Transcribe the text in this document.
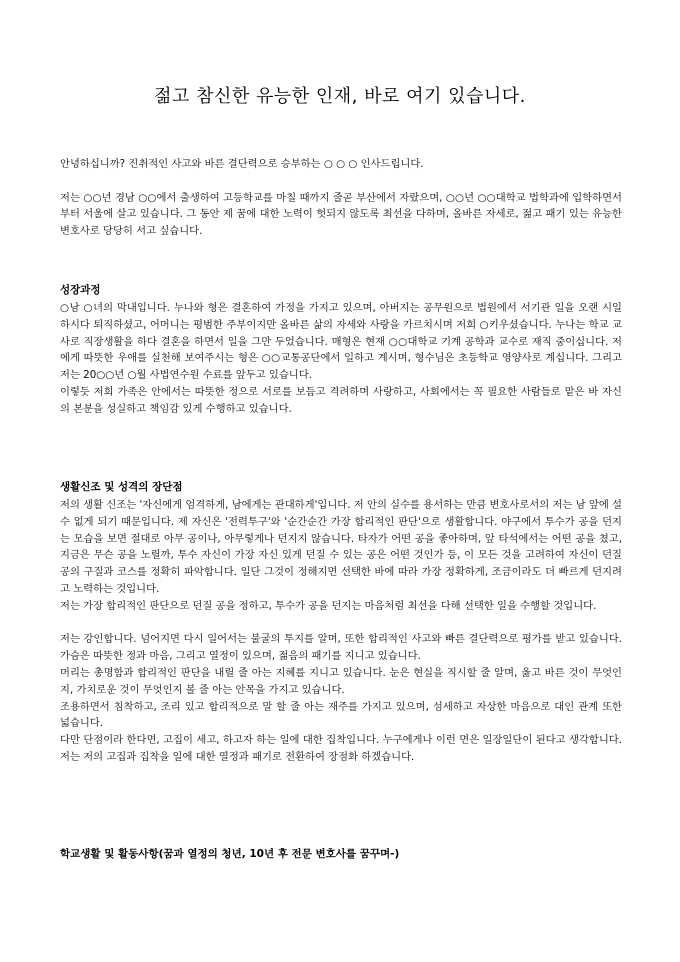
젊고 참신한 유능한 인재, 바로 여기 있습니다.

안녕하십니까? 진취적인 사고와 바른 결단력으로 승부하는 ○ ○ ○ 인사드립니다.

저는 ○○년 경남 ○○에서 출생하여 고등학교를 마칠 때까지 줄곧 부산에서 자랐으며, ○○년 ○○대학교 법학과에 입학하면서부터 서울에 살고 있습니다. 그 동안 제 꿈에 대한 노력이 헛되지 않도록 최선을 다하며, 올바른 자세로, 젊고 패기 있는 유능한 변호사로 당당히 서고 싶습니다.

성장과정

○남 ○녀의 막내입니다. 누나와 형은 결혼하여 가정을 가지고 있으며, 아버지는 공무원으로 법원에서 서기관 일을 오랜 시일 하시다 퇴직하셨고, 어머니는 평범한 주부이지만 올바른 삶의 자세와 사랑을 가르치시며 저희 ○키우셨습니다. 누나는 학교 교사로 직장생활을 하다 결혼을 하면서 일을 그만 두었습니다. 매형은 현재 ○○대학교 기계 공학과 교수로 재직 중이십니다. 저에게 따뜻한 우애를 실천해 보여주시는 형은 ○○교통공단에서 일하고 계시며, 형수님은 초등학교 영양사로 계십니다. 그리고 저는 20○○년 ○월 사법연수원 수료를 앞두고 있습니다.

이렇듯 저희 가족은 안에서는 따뜻한 정으로 서로를 보듬고 격려하며 사랑하고, 사회에서는 꼭 필요한 사람들로 맡은 바 자신의 본분을 성실하고 책임감 있게 수행하고 있습니다.

생활신조 및 성격의 장단점

저의 생활 신조는 '자신에게 엄격하게, 남에게는 관대하게'입니다. 저 안의 실수를 용서하는 만큼 변호사로서의 저는 남 앞에 설 수 없게 되기 때문입니다. 제 자신은 '전력투구'와 '순간순간 가장 합리적인 판단'으로 생활합니다. 야구에서 투수가 공을 던지는 모습을 보면 절대로 아무 공이나, 아무렇게나 던지지 않습니다. 타자가 어떤 공을 좋아하며, 앞 타석에서는 어떤 공을 쳤고, 지금은 무슨 공을 노릴까, 투수 자신이 가장 자신 있게 던질 수 있는 공은 어떤 것인가 등, 이 모든 것을 고려하여 자신이 던질 공의 구질과 코스를 정확히 파악합니다. 일단 그것이 정해지면 선택한 바에 따라 가장 정확하게, 조금이라도 더 빠르게 던지려고 노력하는 것입니다.

저는 가장 합리적인 판단으로 던질 공을 정하고, 투수가 공을 던지는 마음처럼 최선을 다해 선택한 일을 수행할 것입니다.

저는 강인합니다. 넘어지면 다시 일어서는 불굴의 투지를 알며, 또한 합리적인 사고와 빠른 결단력으로 평가를 받고 있습니다. 가슴은 따뜻한 정과 마음, 그리고 열정이 있으며, 젊음의 패기를 지니고 있습니다.

머리는 총명함과 합리적인 판단을 내릴 줄 아는 지혜를 지니고 있습니다. 눈은 현실을 직시할 줄 알며, 옳고 바른 것이 무엇인지, 가치로운 것이 무엇인지 볼 줄 아는 안목을 가지고 있습니다.

조용하면서 침착하고, 조리 있고 합리적으로 말 할 줄 아는 재주를 가지고 있으며, 섬세하고 자상한 마음으로 대인 관계 또한 넓습니다.

다만 단점이라 한다면, 고집이 세고, 하고자 하는 일에 대한 집착입니다. 누구에게나 이런 면은 일장일단이 된다고 생각합니다. 저는 저의 고집과 집착을 일에 대한 열정과 패기로 전환하여 장점화 하겠습니다.

학교생활 및 활동사항(꿈과 열정의 청년, 10년 후 전문 변호사를 꿈꾸며-)
